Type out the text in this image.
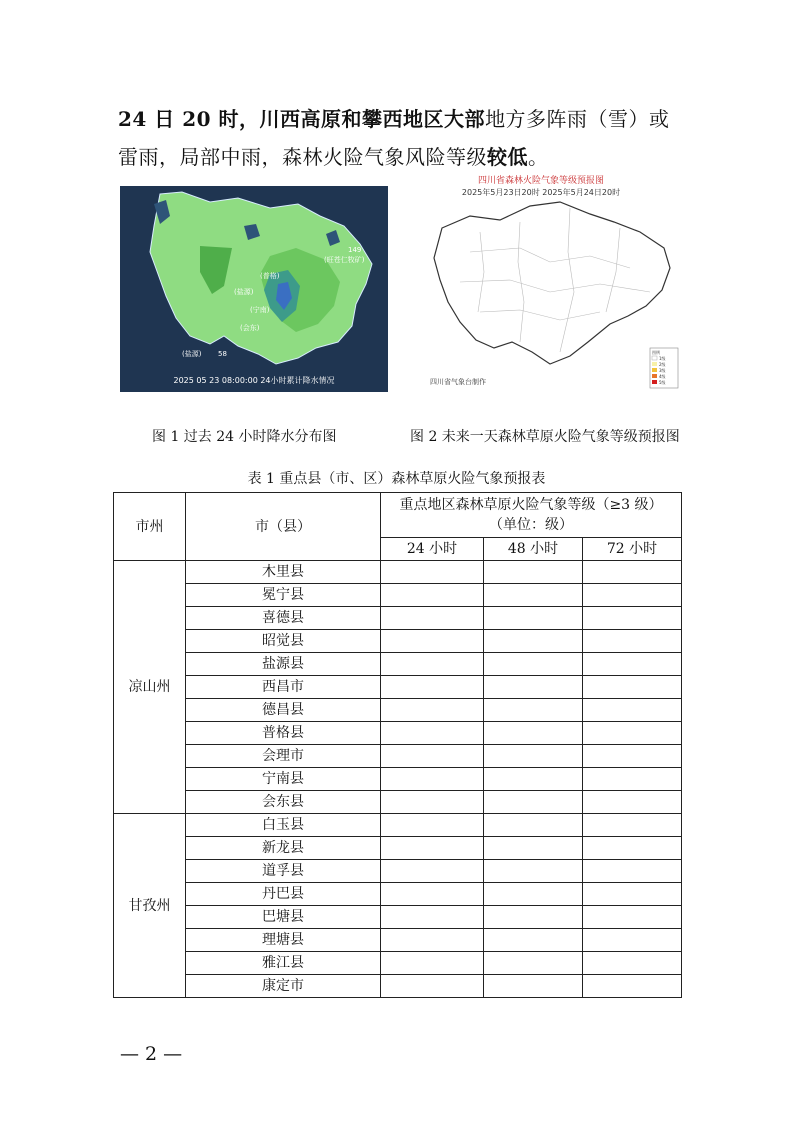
24 日 20 时，川西高原和攀西地区大部地方多阵雨（雪）或雷雨，局部中雨，森林火险气象风险等级较低。
149
(旺苍仁牧矿)
(普格)
(盐源)
(宁南)
(会东)
(盐源) 58
2025 05 23 08:00:00 24小时累计降水情况
四川省森林火险气象等级预报图
2025年5月23日20时 2025年5月24日20时
图例
1级
2级
3级
4级
5级
四川省气象台制作
图 1 过去 24 小时降水分布图	图 2 未来一天森林草原火险气象等级预报图
表 1 重点县（市、区）森林草原火险气象预报表
市州	市（县）	重点地区森林草原火险气象等级（≥3 级）
（单位：级）		
		24 小时	48 小时	72 小时
凉山州	木里县			
	冕宁县			
	喜德县			
	昭觉县			
	盐源县			
	西昌市			
	德昌县			
	普格县			
	会理市			
	宁南县			
	会东县			
甘孜州	白玉县			
	新龙县			
	道孚县			
	丹巴县			
	巴塘县			
	理塘县			
	雅江县			
	康定市			
— 2 —
